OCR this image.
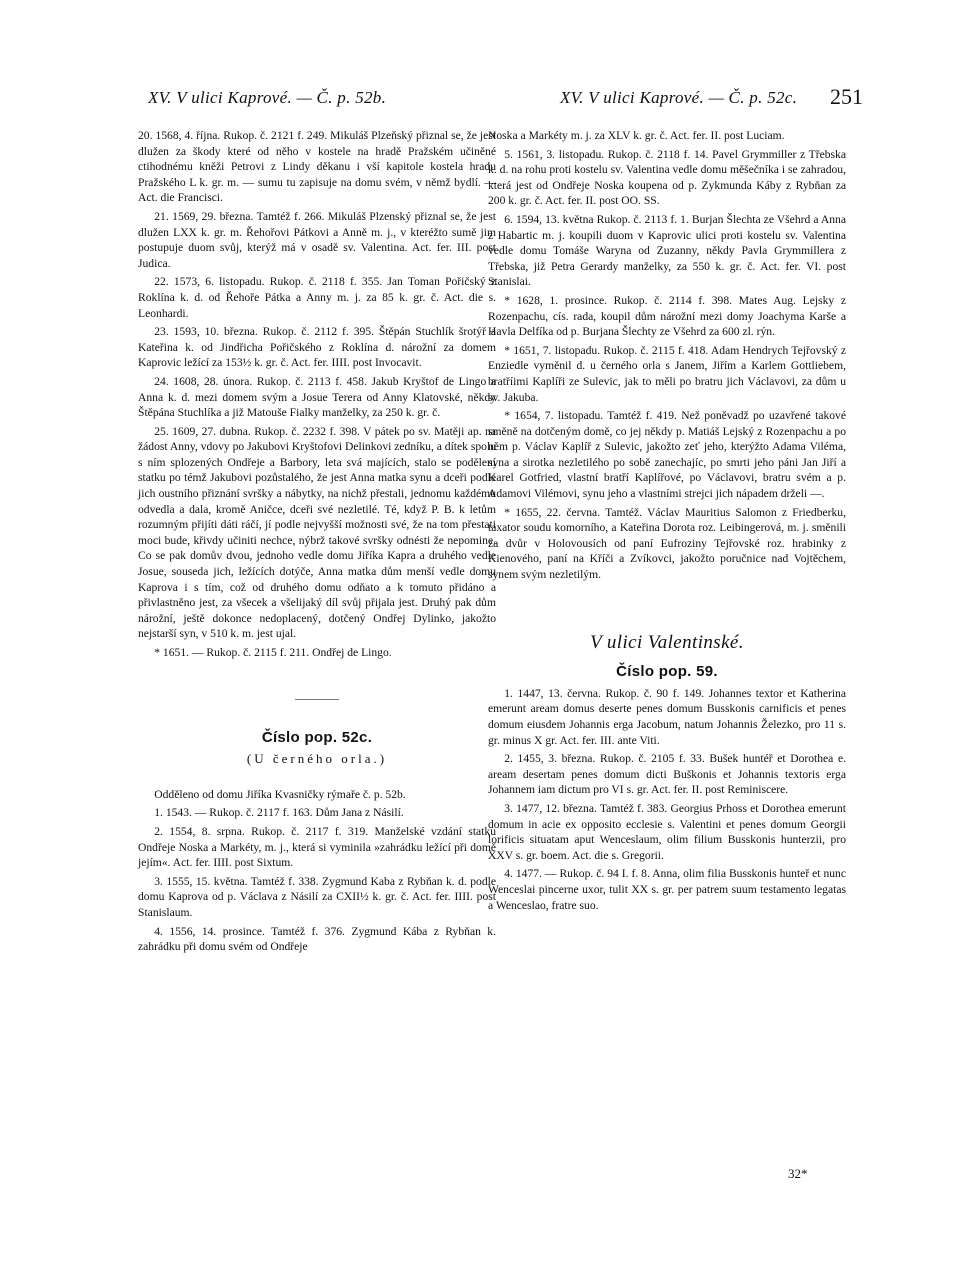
XV. V ulici Kaprové. — Č. p. 52b.	XV. V ulici Kaprové. — Č. p. 52c. 251

20. 1568, 4. října. Rukop. č. 2121 f. 249. Mikuláš Plzeňský přiznal se, že jest dlužen za škody které od něho v kostele na hradě Pražském učiněné ctihodnému kněži Petrovi z Lindy děkanu i vší kapitole kostela hradu Pražského L k. gr. m. — sumu tu zapisuje na domu svém, v němž bydlí. — Act. die Francisci.

21. 1569, 29. března. Tamtéž f. 266. Mikuláš Plzenský přiznal se, že jest dlužen LXX k. gr. m. Řehořovi Pátkovi a Anně m. j., v kteréžto sumě jim postupuje duom svůj, kterýž má v osadě sv. Valentina. Act. fer. III. post Judica.

22. 1573, 6. listopadu. Rukop. č. 2118 f. 355. Jan Toman Pořičský z Roklína k. d. od Řehoře Pátka a Anny m. j. za 85 k. gr. č. Act. die s. Leonhardi.

23. 1593, 10. března. Rukop. č. 2112 f. 395. Štěpán Stuchlík šrotýř a Kateřina k. od Jindřicha Pořičského z Roklína d. nárožní za domem Kaprovic ležící za 153½ k. gr. č. Act. fer. IIII. post Invocavit.

24. 1608, 28. února. Rukop. č. 2113 f. 458. Jakub Kryštof de Lingo a Anna k. d. mezi domem svým a Josue Terera od Anny Klatovské, někdy Štěpána Stuchlíka a již Matouše Fialky manželky, za 250 k. gr. č.

25. 1609, 27. dubna. Rukop. č. 2232 f. 398. V pátek po sv. Matěji ap. na žádost Anny, vdovy po Jakubovi Kryštofovi Delinkovi zedníku, a dítek spolu s ním splozených Ondřeje a Barbory, leta svá majících, stalo se podělení statku po témž Jakubovi pozůstalého, že jest Anna matka synu a dceři podle jich oustního přiznání svršky a nábytky, na nichž přestali, jednomu každému odvedla a dala, kromě Aničce, dceři své nezletilé. Té, když P. B. k letům rozumným přijíti dáti ráčí, jí podle nejvyšší možnosti své, že na tom přestati moci bude, křivdy učiniti nechce, nýbrž takové svršky odnésti že nepomine. Co se pak domův dvou, jednoho vedle domu Jiříka Kapra a druhého vedle Josue, souseda jich, ležících dotýče, Anna matka dům menší vedle domu Kaprova i s tím, což od druhého domu odňato a k tomuto přidáno a přivlastněno jest, za všecek a všelijaký díl svůj přijala jest. Druhý pak dům nárožní, ještě dokonce nedoplacený, dotčený Ondřej Dylinko, jakožto nejstarší syn, v 510 k. m. jest ujal.

* 1651. — Rukop. č. 2115 f. 211. Ondřej de Lingo.

Číslo pop. 52c.
(U černého orla.)

Odděleno od domu Jiříka Kvasničky rýmaře č. p. 52b.

1. 1543. — Rukop. č. 2117 f. 163. Dům Jana z Násilí.

2. 1554, 8. srpna. Rukop. č. 2117 f. 319. Manželské vzdání statku Ondřeje Noska a Markéty, m. j., která si vyminila »zahrádku ležící při domě jejím«. Act. fer. IIII. post Sixtum.

3. 1555, 15. května. Tamtéž f. 338. Zygmund Kaba z Rybňan k. d. podle domu Kaprova od p. Václava z Násilí za CXII½ k. gr. č. Act. fer. IIII. post Stanislaum.

4. 1556, 14. prosince. Tamtéž f. 376. Zygmund Kába z Rybňan k. zahrádku při domu svém od Ondřeje

Noska a Markéty m. j. za XLV k. gr. č. Act. fer. II. post Luciam.

5. 1561, 3. listopadu. Rukop. č. 2118 f. 14. Pavel Grymmiller z Třebska k. d. na rohu proti kostelu sv. Valentina vedle domu měšečníka i se zahradou, která jest od Ondřeje Noska koupena od p. Zykmunda Káby z Rybňan za 200 k. gr. č. Act. fer. II. post OO. SS.

6. 1594, 13. května Rukop. č. 2113 f. 1. Burjan Šlechta ze Všehrd a Anna z Habartic m. j. koupili duom v Kaprovic ulici proti kostelu sv. Valentina vedle domu Tomáše Waryna od Zuzanny, někdy Pavla Grymmillera z Třebska, již Petra Gerardy manželky, za 550 k. gr. č. Act. fer. VI. post Stanislai.

* 1628, 1. prosince. Rukop. č. 2114 f. 398. Mates Aug. Lejsky z Rozenpachu, cís. rada, koupil dům nárožní mezi domy Joachyma Karše a Havla Delfíka od p. Burjana Šlechty ze Všehrd za 600 zl. rýn.

* 1651, 7. listopadu. Rukop. č. 2115 f. 418. Adam Hendrych Tejřovský z Enziedle vyměnil d. u černého orla s Janem, Jiřím a Karlem Gottliebem, bratříimi Kaplíři ze Sulevic, jak to měli po bratru jich Václavovi, za dům u sv. Jakuba.

* 1654, 7. listopadu. Tamtéž f. 419. Než poněvadž po uzavřené takové směně na dotčeným domě, co jej někdy p. Matiáš Lejský z Rozenpachu a po něm p. Václav Kaplíř z Sulevic, jakožto zeť jeho, kterýžto Adama Viléma, syna a sirotka nezletilého po sobě zanechajíc, po smrti jeho páni Jan Jiří a Karel Gotfried, vlastní bratří Kaplířové, po Václavovi, bratru svém a p. Adamovi Vilémovi, synu jeho a vlastními strejci jich nápadem drželi —.

* 1655, 22. června. Tamtéž. Václav Mauritius Salomon z Friedberku, taxator soudu komorního, a Kateřina Dorota roz. Leibingerová, m. j. směnili za dvůr v Holovousích od paní Eufroziny Tejřovské roz. hrabinky z Kienového, paní na Kříči a Zvíkovci, jakožto poručnice nad Vojtěchem, synem svým nezletilým.

V ulici Valentinské.
Číslo pop. 59.

1. 1447, 13. června. Rukop. č. 90 f. 149. Johannes textor et Katherina emerunt aream domus deserte penes domum Busskonis carnificis et penes domum eiusdem Johannis erga Jacobum, natum Johannis Železko, pro 11 s. gr. minus X gr. Act. fer. III. ante Viti.

2. 1455, 3. března. Rukop. č. 2105 f. 33. Bušek huntéř et Dorothea e. aream desertam penes domum dicti Buškonis et Johannis textoris erga Johannem iam dictum pro VI s. gr. Act. fer. II. post Reminiscere.

3. 1477, 12. března. Tamtéž f. 383. Georgius Prhoss et Dorothea emerunt domum in acie ex opposito ecclesie s. Valentini et penes domum Georgii lorificis situatam aput Wenceslaum, olim filium Busskonis hunterzii, pro XXV s. gr. boem. Act. die s. Gregorii.

4. 1477. — Rukop. č. 94 I. f. 8. Anna, olim filia Busskonis hunteř et nunc Wenceslai pincerne uxor, tulit XX s. gr. per patrem suum testamento legatas a Wenceslao, fratre suo.

32*
